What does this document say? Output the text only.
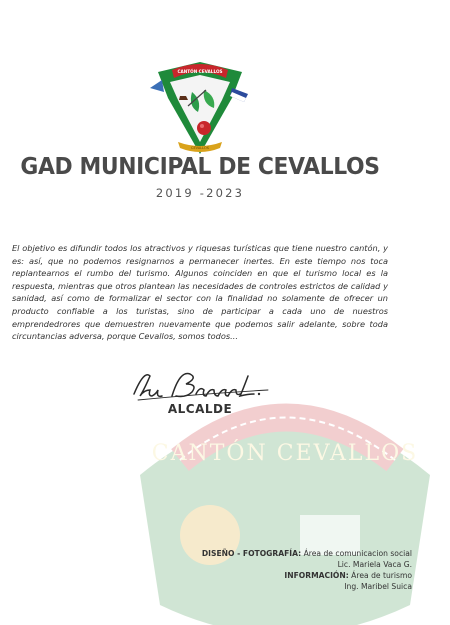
CANTÓN CEVALLOS
CANTÓN CEVALLOS
CEVALLOS
GAD MUNICIPAL DE CEVALLOS
2019 -2023

El objetivo es difundir todos los atractivos y riquesas turísticas que tiene nuestro cantón, y es: así, que no podemos resignarnos a permanecer inertes. En este tiempo nos toca replantearnos el rumbo del turismo. Algunos coinciden en que el turismo local es la respuesta, mientras que otros plantean las necesidades de controles estrictos de calidad y sanidad, así como de formalizar el sector con la finalidad no solamente de ofrecer un producto confiable a los turistas, sino de participar a cada uno de nuestros emprendedrores que demuestren nuevamente que podemos salir adelante, sobre toda circuntancias adversa, porque Cevallos, somos todos...

ALCALDE
DISEÑO - FOTOGRAFÍA: Área de comunicacion social
Lic. Mariela Vaca G.
INFORMACIÓN: Área de turismo
Ing. Maribel Suica
